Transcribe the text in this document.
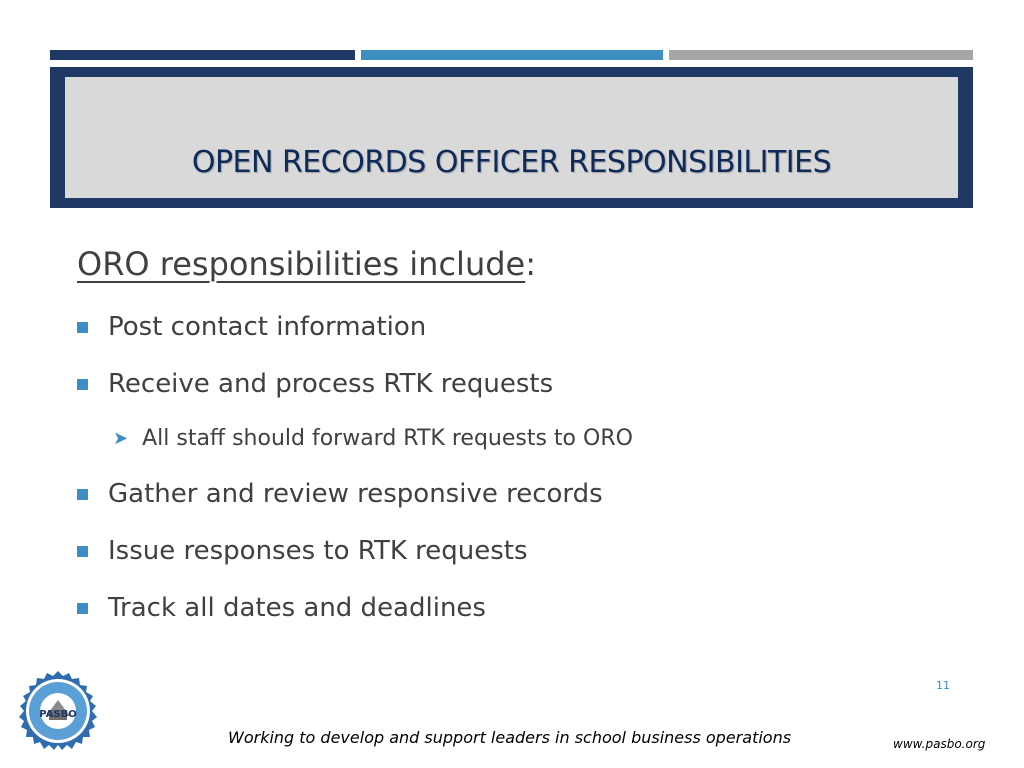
OPEN RECORDS OFFICER RESPONSIBILITIES
ORO responsibilities include:
Post contact information
Receive and process RTK requests
➤ All staff should forward RTK requests to ORO
Gather and review responsive records
Issue responses to RTK requests
Track all dates and deadlines
11
PASBO
Working to develop and support leaders in school business operations	www.pasbo.org
